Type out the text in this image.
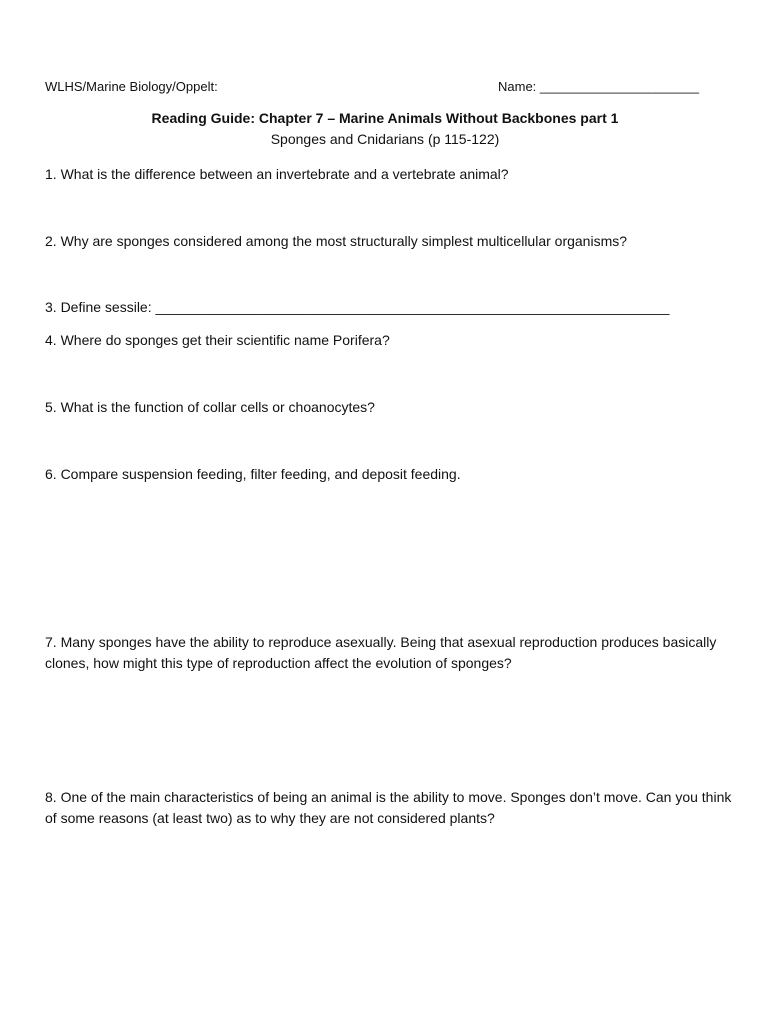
WLHS/Marine Biology/Oppelt:	Name: ______________________
Reading Guide: Chapter 7 – Marine Animals Without Backbones part 1
Sponges and Cnidarians (p 115-122)
1. What is the difference between an invertebrate and a vertebrate animal?
2. Why are sponges considered among the most structurally simplest multicellular organisms?
3. Define sessile: __________________________________________________________________
4. Where do sponges get their scientific name Porifera?
5. What is the function of collar cells or choanocytes?
6. Compare suspension feeding, filter feeding, and deposit feeding.
7. Many sponges have the ability to reproduce asexually. Being that asexual reproduction produces basically clones, how might this type of reproduction affect the evolution of sponges?
8. One of the main characteristics of being an animal is the ability to move. Sponges don’t move. Can you think of some reasons (at least two) as to why they are not considered plants?
